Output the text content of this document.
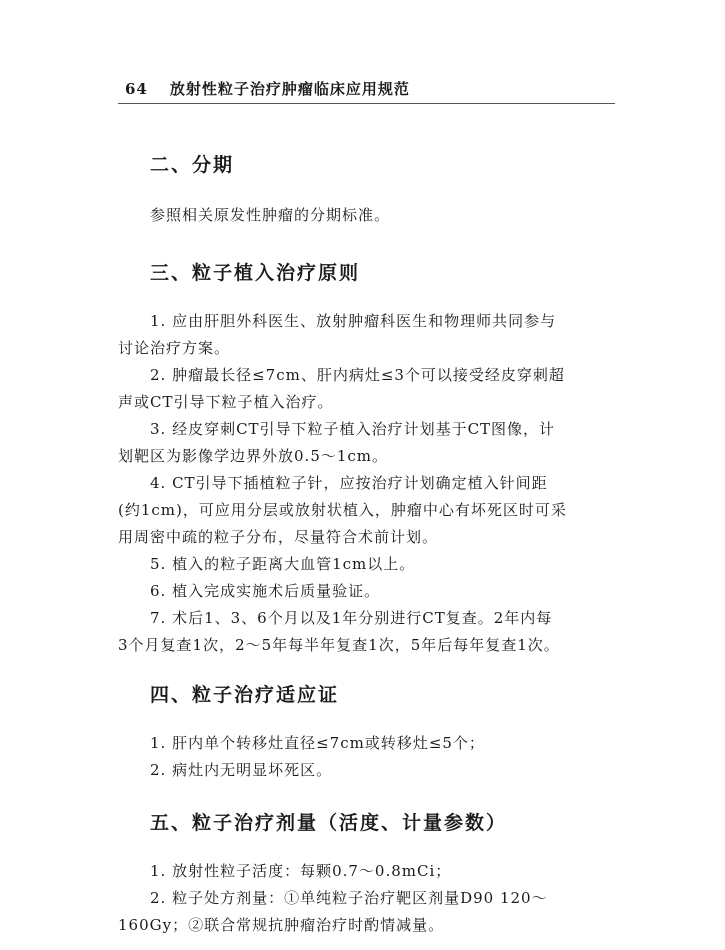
64 放射性粒子治疗肿瘤临床应用规范
二、分期
参照相关原发性肿瘤的分期标准。
三、粒子植入治疗原则
1. 应由肝胆外科医生、放射肿瘤科医生和物理师共同参与
讨论治疗方案。
2. 肿瘤最长径≤7cm、肝内病灶≤3个可以接受经皮穿刺超
声或CT引导下粒子植入治疗。
3. 经皮穿刺CT引导下粒子植入治疗计划基于CT图像，计
划靶区为影像学边界外放0.5～1cm。
4. CT引导下插植粒子针，应按治疗计划确定植入针间距
(约1cm)，可应用分层或放射状植入，肿瘤中心有坏死区时可采
用周密中疏的粒子分布，尽量符合术前计划。
5. 植入的粒子距离大血管1cm以上。
6. 植入完成实施术后质量验证。
7. 术后1、3、6个月以及1年分别进行CT复查。2年内每
3个月复查1次，2～5年每半年复查1次，5年后每年复查1次。
四、粒子治疗适应证
1. 肝内单个转移灶直径≤7cm或转移灶≤5个；
2. 病灶内无明显坏死区。
五、粒子治疗剂量（活度、计量参数）
1. 放射性粒子活度：每颗0.7～0.8mCi；
2. 粒子处方剂量：①单纯粒子治疗靶区剂量D90 120～
160Gy；②联合常规抗肿瘤治疗时酌情减量。
